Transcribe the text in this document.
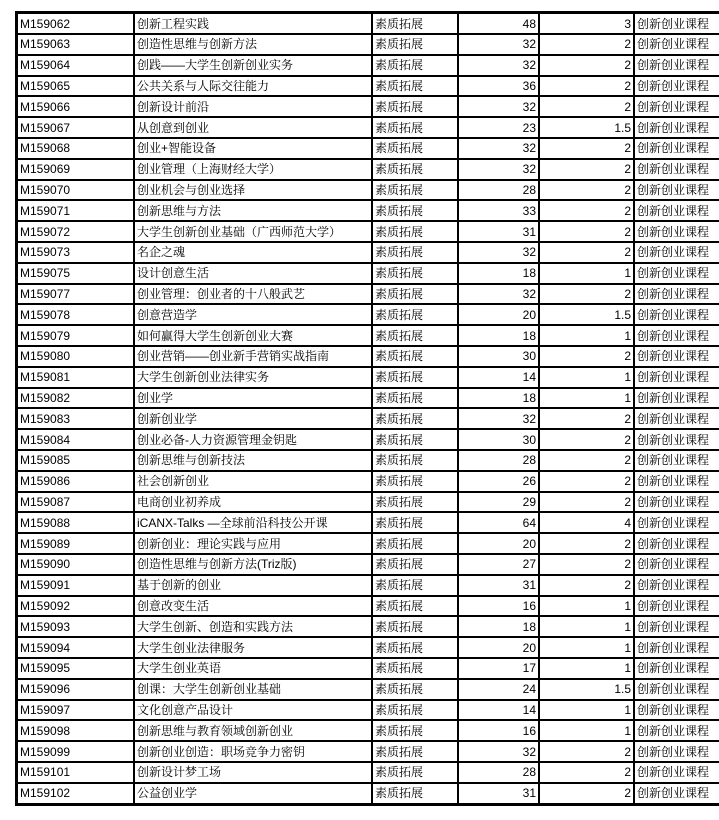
M159062	创新工程实践	素质拓展	48	3	创新创业课程
M159063	创造性思维与创新方法	素质拓展	32	2	创新创业课程
M159064	创践——大学生创新创业实务	素质拓展	32	2	创新创业课程
M159065	公共关系与人际交往能力	素质拓展	36	2	创新创业课程
M159066	创新设计前沿	素质拓展	32	2	创新创业课程
M159067	从创意到创业	素质拓展	23	1.5	创新创业课程
M159068	创业+智能设备	素质拓展	32	2	创新创业课程
M159069	创业管理（上海财经大学）	素质拓展	32	2	创新创业课程
M159070	创业机会与创业选择	素质拓展	28	2	创新创业课程
M159071	创新思维与方法	素质拓展	33	2	创新创业课程
M159072	大学生创新创业基础（广西师范大学）	素质拓展	31	2	创新创业课程
M159073	名企之魂	素质拓展	32	2	创新创业课程
M159075	设计创意生活	素质拓展	18	1	创新创业课程
M159077	创业管理：创业者的十八般武艺	素质拓展	32	2	创新创业课程
M159078	创意营造学	素质拓展	20	1.5	创新创业课程
M159079	如何赢得大学生创新创业大赛	素质拓展	18	1	创新创业课程
M159080	创业营销——创业新手营销实战指南	素质拓展	30	2	创新创业课程
M159081	大学生创新创业法律实务	素质拓展	14	1	创新创业课程
M159082	创业学	素质拓展	18	1	创新创业课程
M159083	创新创业学	素质拓展	32	2	创新创业课程
M159084	创业必备-人力资源管理金钥匙	素质拓展	30	2	创新创业课程
M159085	创新思维与创新技法	素质拓展	28	2	创新创业课程
M159086	社会创新创业	素质拓展	26	2	创新创业课程
M159087	电商创业初养成	素质拓展	29	2	创新创业课程
M159088	iCANX-Talks —全球前沿科技公开课	素质拓展	64	4	创新创业课程
M159089	创新创业：理论实践与应用	素质拓展	20	2	创新创业课程
M159090	创造性思维与创新方法(Triz版)	素质拓展	27	2	创新创业课程
M159091	基于创新的创业	素质拓展	31	2	创新创业课程
M159092	创意改变生活	素质拓展	16	1	创新创业课程
M159093	大学生创新、创造和实践方法	素质拓展	18	1	创新创业课程
M159094	大学生创业法律服务	素质拓展	20	1	创新创业课程
M159095	大学生创业英语	素质拓展	17	1	创新创业课程
M159096	创课：大学生创新创业基础	素质拓展	24	1.5	创新创业课程
M159097	文化创意产品设计	素质拓展	14	1	创新创业课程
M159098	创新思维与教育领域创新创业	素质拓展	16	1	创新创业课程
M159099	创新创业创造：职场竞争力密钥	素质拓展	32	2	创新创业课程
M159101	创新设计梦工场	素质拓展	28	2	创新创业课程
M159102	公益创业学	素质拓展	31	2	创新创业课程
